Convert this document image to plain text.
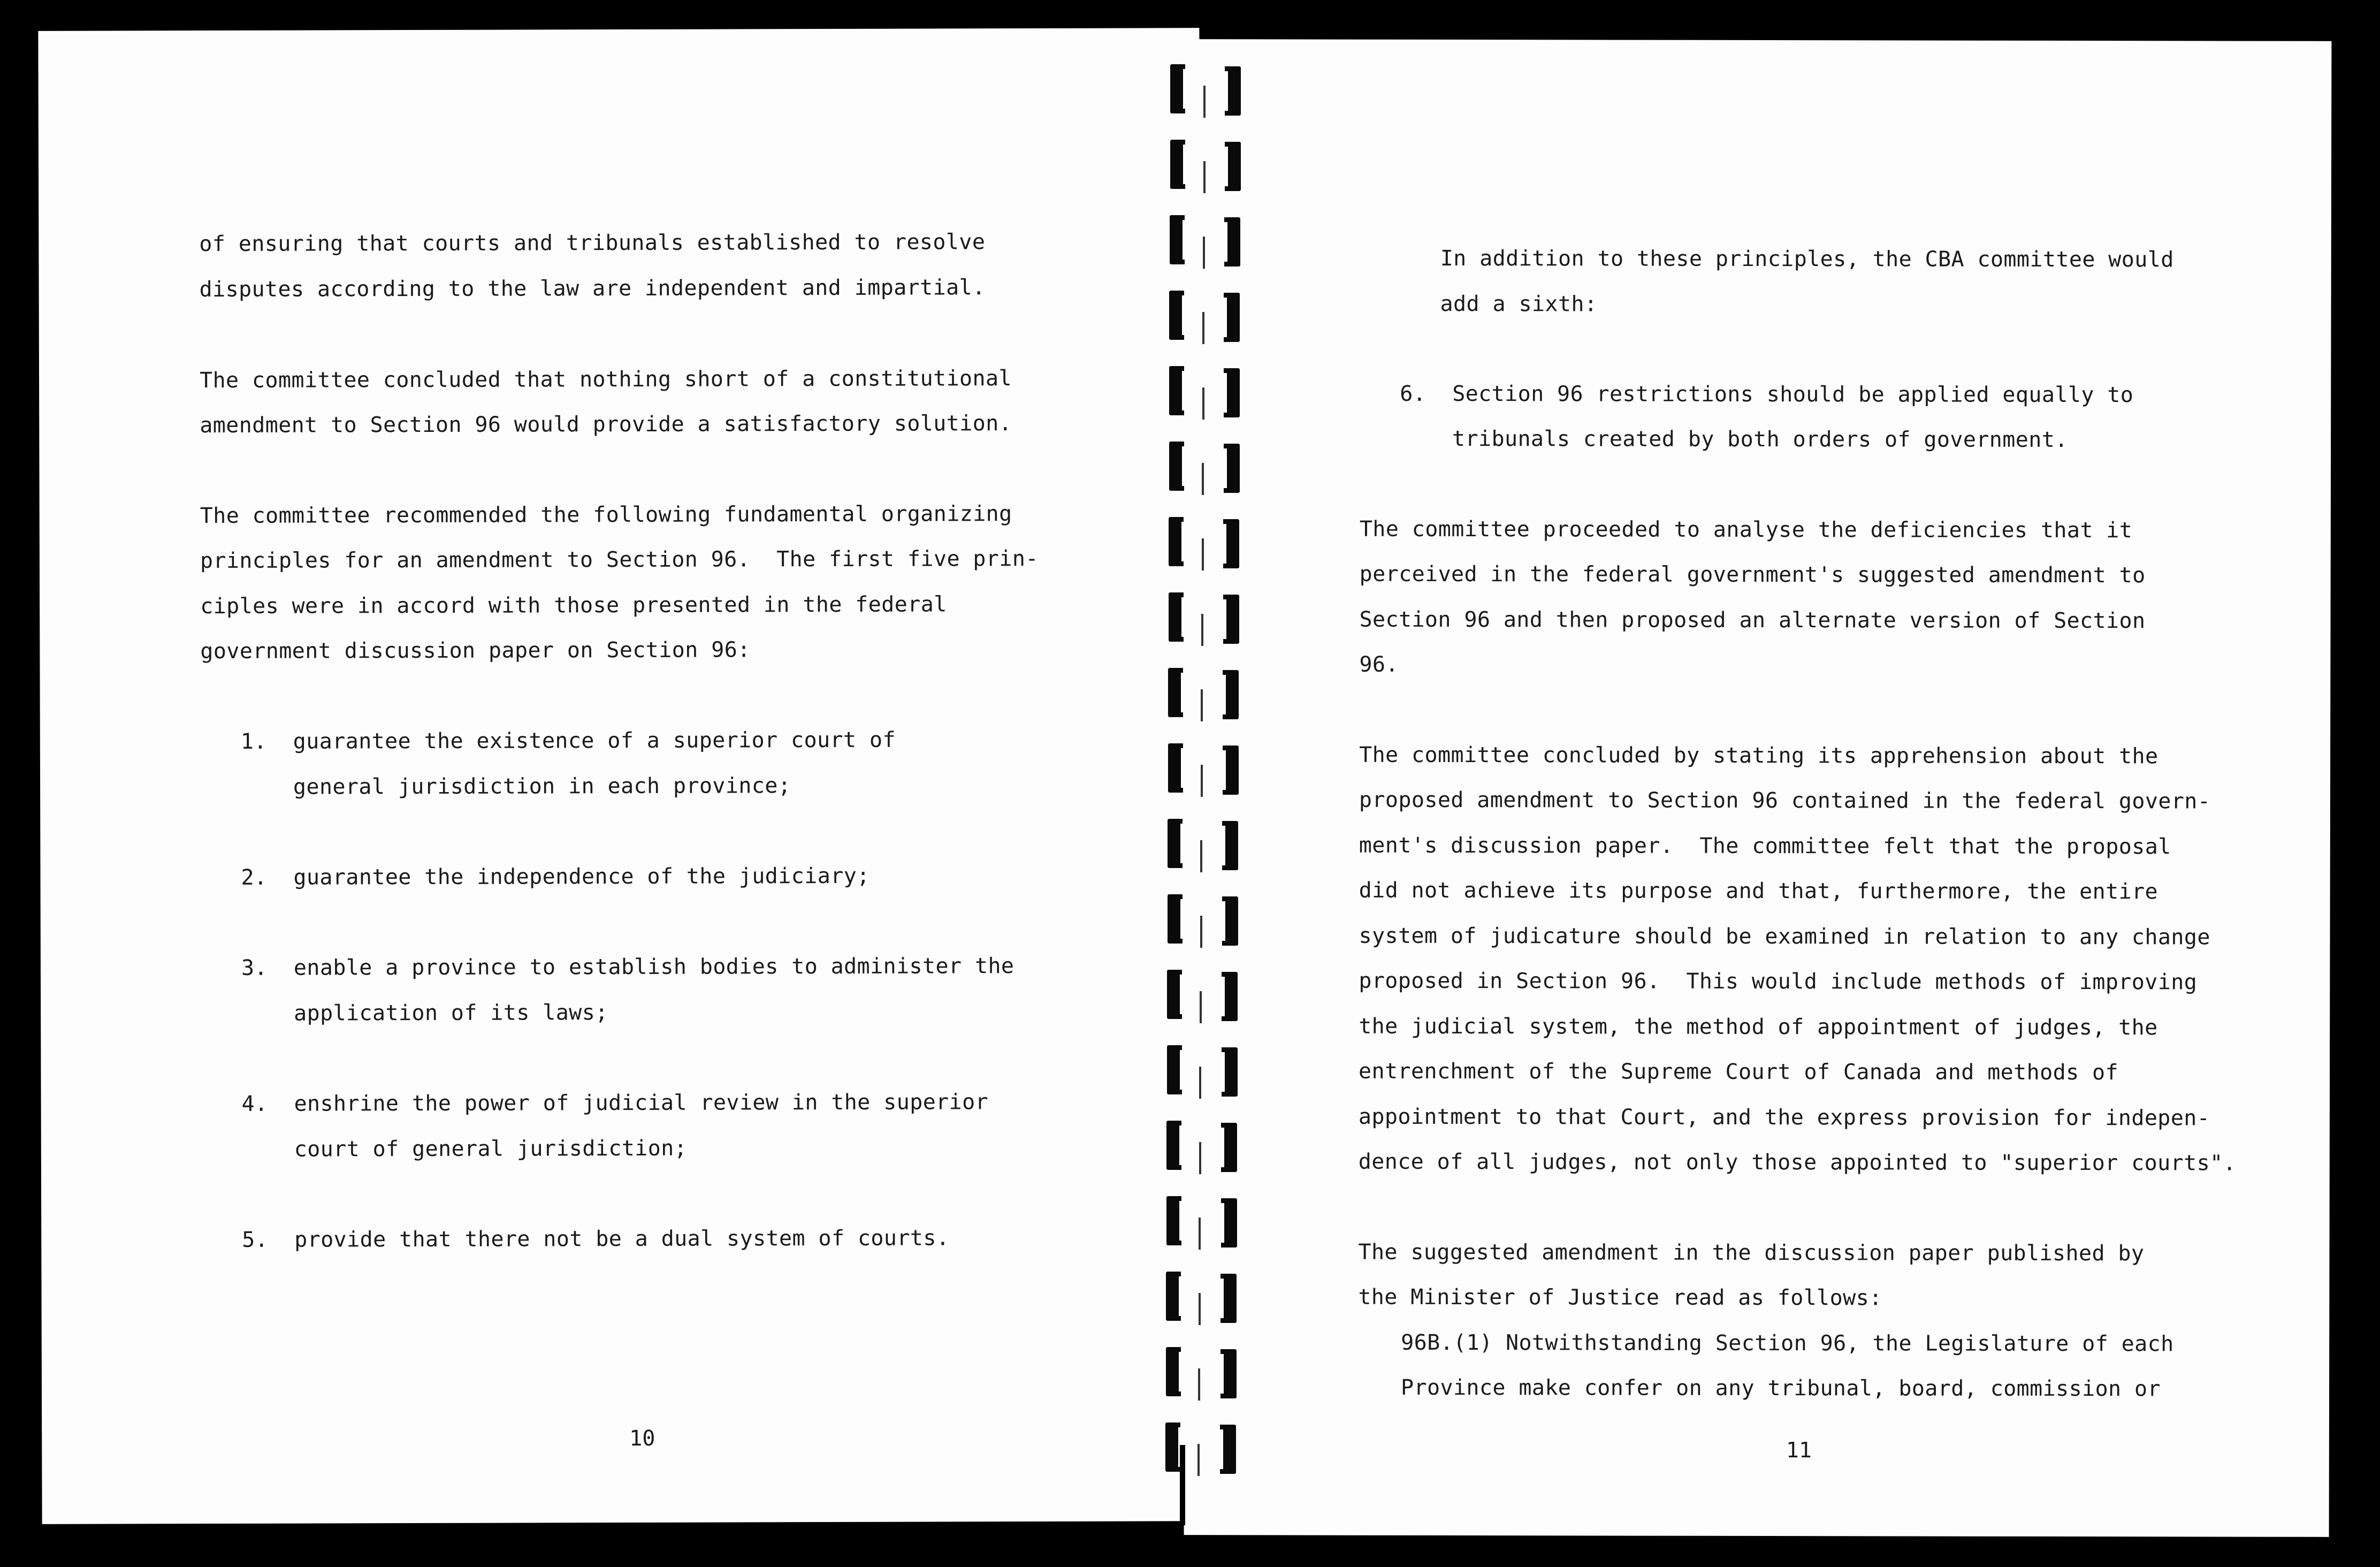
of ensuring that courts and tribunals established to resolve
disputes according to the law are independent and impartial.
The committee concluded that nothing short of a constitutional
amendment to Section 96 would provide a satisfactory solution.
The committee recommended the following fundamental organizing
principles for an amendment to Section 96.  The first five prin-
ciples were in accord with those presented in the federal
government discussion paper on Section 96:
1.  guarantee the existence of a superior court of
general jurisdiction in each province;
2.  guarantee the independence of the judiciary;
3.  enable a province to establish bodies to administer the
application of its laws;
4.  enshrine the power of judicial review in the superior
court of general jurisdiction;
5.  provide that there not be a dual system of courts.
10
In addition to these principles, the CBA committee would
add a sixth:
6.  Section 96 restrictions should be applied equally to
tribunals created by both orders of government.
The committee proceeded to analyse the deficiencies that it
perceived in the federal government's suggested amendment to
Section 96 and then proposed an alternate version of Section
96.
The committee concluded by stating its apprehension about the
proposed amendment to Section 96 contained in the federal govern-
ment's discussion paper.  The committee felt that the proposal
did not achieve its purpose and that, furthermore, the entire
system of judicature should be examined in relation to any change
proposed in Section 96.  This would include methods of improving
the judicial system, the method of appointment of judges, the
entrenchment of the Supreme Court of Canada and methods of
appointment to that Court, and the express provision for indepen-
dence of all judges, not only those appointed to "superior courts".
The suggested amendment in the discussion paper published by
the Minister of Justice read as follows:
96B.(1) Notwithstanding Section 96, the Legislature of each
Province make confer on any tribunal, board, commission or
11
